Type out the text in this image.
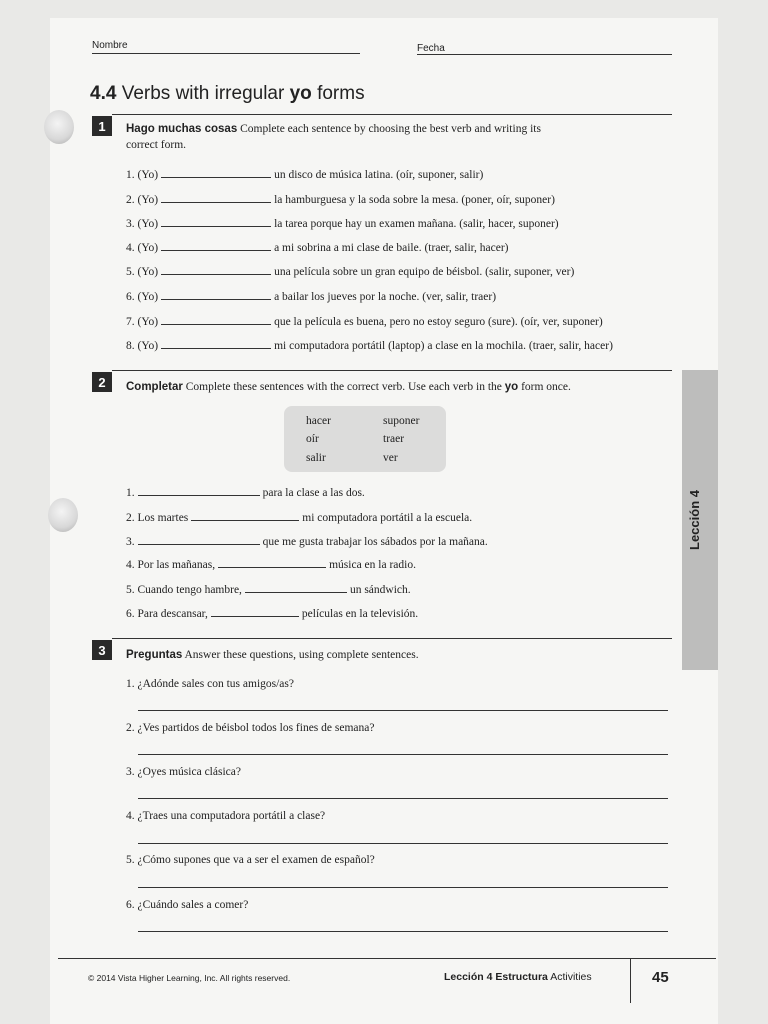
Nombre	Fecha
4.4 Verbs with irregular yo forms
Lección 4
1	Hago muchas cosas Complete each sentence by choosing the best verb and writing its
correct form.
1. (Yo)	un disco de música latina. (oír, suponer, salir)
2. (Yo)	la hamburguesa y la soda sobre la mesa. (poner, oír, suponer)
3. (Yo)	la tarea porque hay un examen mañana. (salir, hacer, suponer)
4. (Yo)	a mi sobrina a mi clase de baile. (traer, salir, hacer)
5. (Yo)	una película sobre un gran equipo de béisbol. (salir, suponer, ver)
6. (Yo)	a bailar los jueves por la noche. (ver, salir, traer)
7. (Yo)	que la película es buena, pero no estoy seguro (sure). (oír, ver, suponer)
8. (Yo)	mi computadora portátil (laptop) a clase en la mochila. (traer, salir, hacer)
2	Completar Complete these sentences with the correct verb. Use each verb in the yo form once.
hacer	suponer
oír	traer
salir	ver
1.	para la clase a las dos.
2. Los martes	mi computadora portátil a la escuela.
3.	que me gusta trabajar los sábados por la mañana.
4. Por las mañanas,	música en la radio.
5. Cuando tengo hambre,	un sándwich.
6. Para descansar,	películas en la televisión.
3	Preguntas Answer these questions, using complete sentences.
1. ¿Adónde sales con tus amigos/as?
2. ¿Ves partidos de béisbol todos los fines de semana?
3. ¿Oyes música clásica?
4. ¿Traes una computadora portátil a clase?
5. ¿Cómo supones que va a ser el examen de español?
6. ¿Cuándo sales a comer?
© 2014 Vista Higher Learning, Inc. All rights reserved.	Lección 4 Estructura Activities	45
